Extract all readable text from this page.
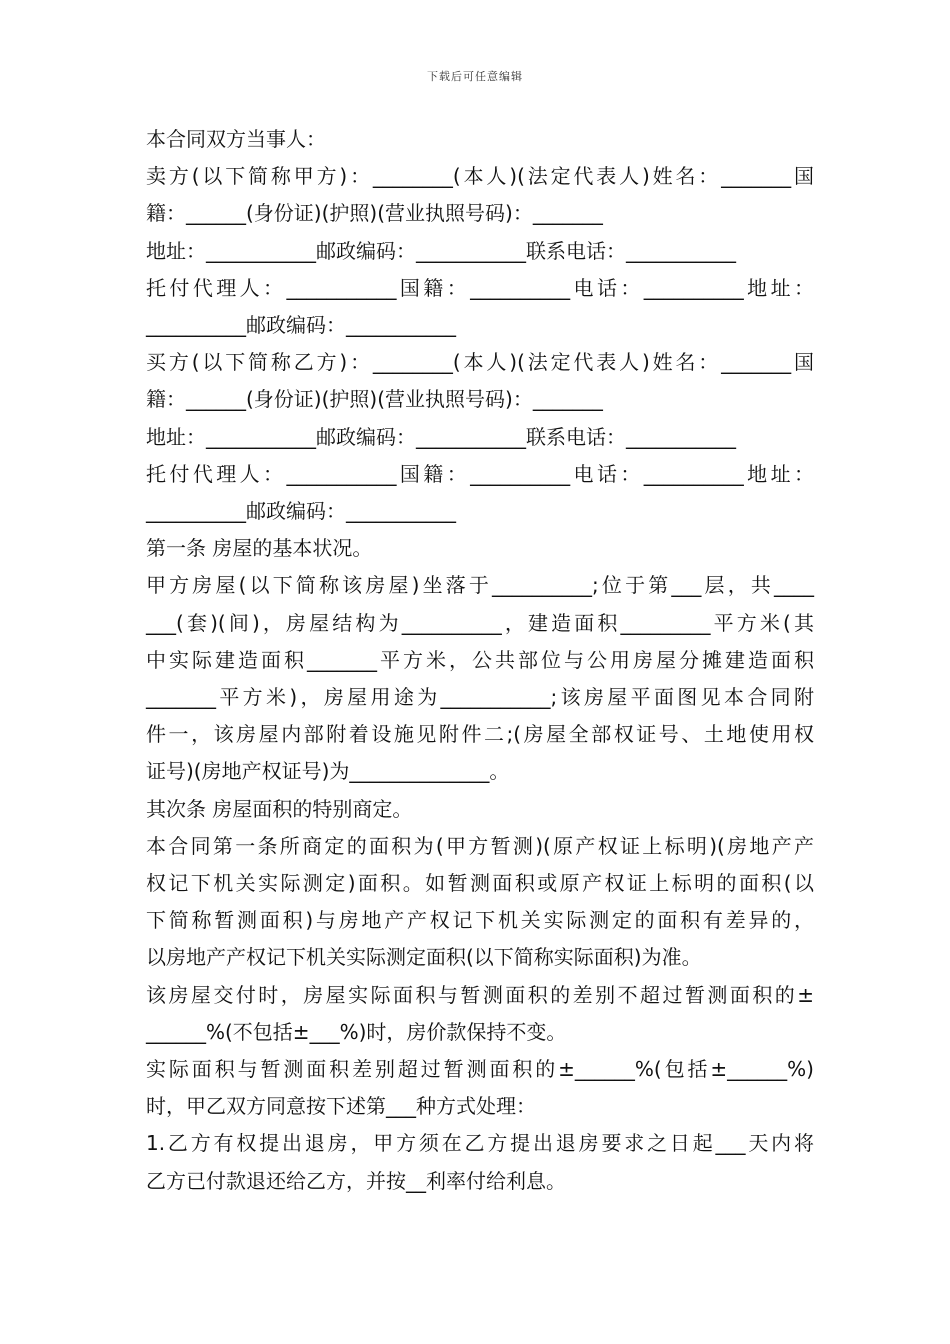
下载后可任意编辑
本合同双方当事人：
卖方(以下简称甲方)：________(本人)(法定代表人)姓名：_______国
籍：______(身份证)(护照)(营业执照号码)：_______
地址：___________邮政编码：___________联系电话：___________
托付代理人：___________国籍：__________电话：__________地址：
__________邮政编码：___________
买方(以下简称乙方)：________(本人)(法定代表人)姓名：_______国
籍：______(身份证)(护照)(营业执照号码)：_______
地址：___________邮政编码：___________联系电话：___________
托付代理人：___________国籍：__________电话：__________地址：
__________邮政编码：___________
第一条 房屋的基本状况。
甲方房屋(以下简称该房屋)坐落于__________;位于第___层，共____
___(套)(间)，房屋结构为__________，建造面积_________平方米(其
中实际建造面积_______平方米，公共部位与公用房屋分摊建造面积
_______平方米)，房屋用途为___________;该房屋平面图见本合同附
件一，该房屋内部附着设施见附件二;(房屋全部权证号、土地使用权
证号)(房地产权证号)为______________。
其次条 房屋面积的特别商定。
本合同第一条所商定的面积为(甲方暂测)(原产权证上标明)(房地产产
权记下机关实际测定)面积。如暂测面积或原产权证上标明的面积(以
下简称暂测面积)与房地产产权记下机关实际测定的面积有差异的，
以房地产产权记下机关实际测定面积(以下简称实际面积)为准。
该房屋交付时，房屋实际面积与暂测面积的差别不超过暂测面积的±
______%(不包括±___%)时，房价款保持不变。
实际面积与暂测面积差别超过暂测面积的±______%(包括±______%)
时，甲乙双方同意按下述第___种方式处理：
1.乙方有权提出退房，甲方须在乙方提出退房要求之日起___天内将
乙方已付款退还给乙方，并按__利率付给利息。
